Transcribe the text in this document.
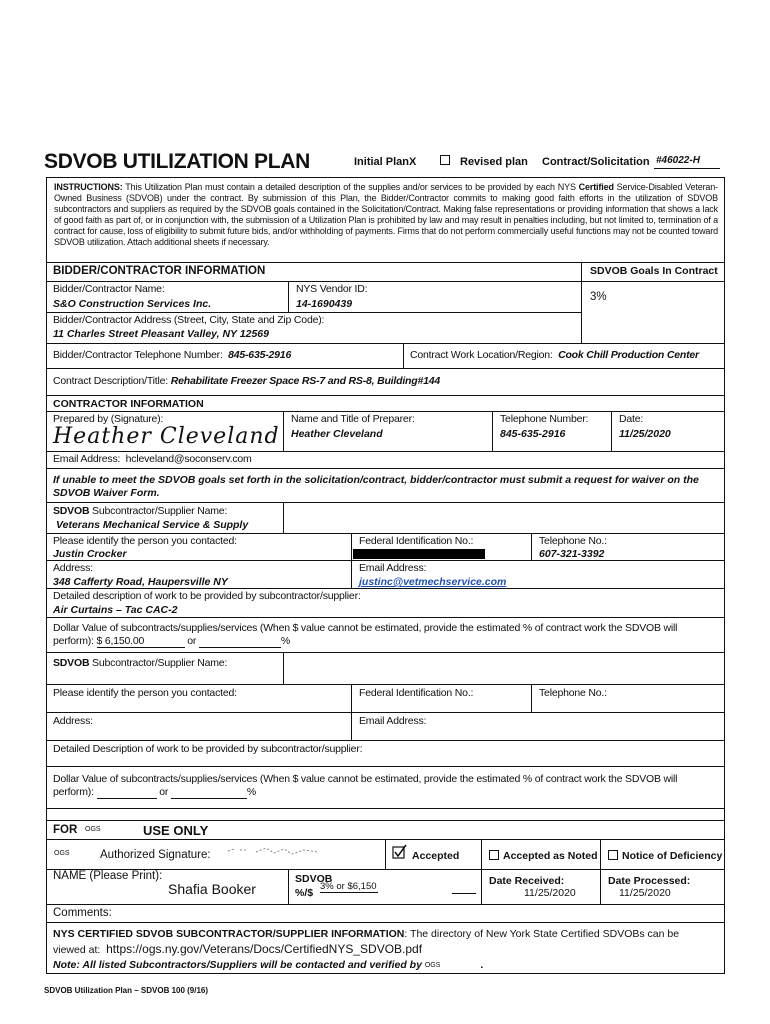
SDVOB UTILIZATION PLAN	Initial PlanX	Revised plan Contract/Solicitation #46022-H
INSTRUCTIONS: This Utilization Plan must contain a detailed description of the supplies and/or services to be provided by each NYS Certified Service-Disabled Veteran-Owned Business (SDVOB) under the contract. By submission of this Plan, the Bidder/Contractor commits to making good faith efforts in the utilization of SDVOB subcontractors and suppliers as required by the SDVOB goals contained in the Solicitation/Contract. Making false representations or providing information that shows a lack of good faith as part of, or in conjunction with, the submission of a Utilization Plan is prohibited by law and may result in penalties including, but not limited to, termination of a contract for cause, loss of eligibility to submit future bids, and/or withholding of payments. Firms that do not perform commercially useful functions may not be counted toward SDVOB utilization. Attach additional sheets if necessary.
BIDDER/CONTRACTOR INFORMATION	SDVOB Goals In Contract
3%
Bidder/Contractor Name:
S&O Construction Services Inc.
NYS Vendor ID:
14-1690439
Bidder/Contractor Address (Street, City, State and Zip Code):
11 Charles Street Pleasant Valley, NY 12569
Bidder/Contractor Telephone Number: 845-635-2916	Contract Work Location/Region: Cook Chill Production Center
Contract Description/Title: Rehabilitate Freezer Space RS-7 and RS-8, Building#144
CONTRACTOR INFORMATION
Prepared by (Signature):
Heather Cleveland
Name and Title of Preparer:
Heather Cleveland
Telephone Number:
845-635-2916
Date:
11/25/2020
Email Address: hcleveland@soconserv.com
If unable to meet the SDVOB goals set forth in the solicitation/contract, bidder/contractor must submit a request for waiver on the SDVOB Waiver Form.
SDVOB Subcontractor/Supplier Name:
Veterans Mechanical Service & Supply
Please identify the person you contacted:
Justin Crocker
Federal Identification No.:	Telephone No.:
607-321-3392
Address:
348 Cafferty Road, Haupersville NY
Email Address:
justinc@vetmechservice.com
Detailed description of work to be provided by subcontractor/supplier:
Air Curtains – Tac CAC-2
Dollar Value of subcontracts/supplies/services (When $ value cannot be estimated, provide the estimated % of contract work the SDVOB will
perform): $ 6,150.00	or	%
SDVOB Subcontractor/Supplier Name:
Please identify the person you contacted:	Federal Identification No.:	Telephone No.:
Address:	Email Address:
Detailed Description of work to be provided by subcontractor/supplier:
Dollar Value of subcontracts/supplies/services (When $ value cannot be estimated, provide the estimated % of contract work the SDVOB will
perform):	or	%
FOR OGS	USE ONLY
OGS	Authorized Signature:	Accepted	Accepted as Noted Notice of Deficiency
NAME (Please Print):
Shafia Booker
SDVOB
%/$
3% or $6,150	Date Received:
11/25/2020
Date Processed:
11/25/2020
Comments:
NYS CERTIFIED SDVOB SUBCONTRACTOR/SUPPLIER INFORMATION: The directory of New York State Certified SDVOBs can be
viewed at: https://ogs.ny.gov/Veterans/Docs/CertifiedNYS_SDVOB.pdf
Note: All listed Subcontractors/Suppliers will be contacted and verified by $^{OGS}$	.
SDVOB Utilization Plan – SDVOB 100 (9/16)
